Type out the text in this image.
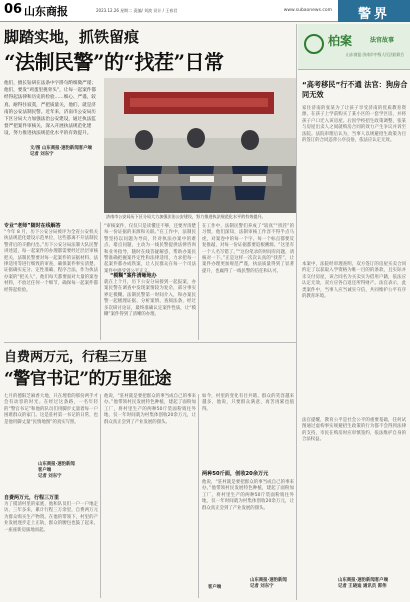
06 山东商报	2023.12.26 星期二 责编/ 刘波 设计 / 王春君	www.subaonews.com 警界
脚踏实地，抓铁留痕
“法制民警”的“找茬”日常
他们，擅长钻研在法条中字斟句酌细微严谨；他们，要发“鸡蛋里挑骨头”，让每一起案件都经得起法律和历史的检验……细心、严谨、较真、耐得住寂寞，严把质量关，他们，就是济南的公安法制民警。近年来，济南市公安局历下区分局大力加强法治公安建设，通过执法监督严把案件审核关、深入开展执法规范化建设，努力推进执法规范化水平的有效提升。
文/图 山东商报·速豹新闻客户端
记者 刘东宁
济南市公安局历下区分局大力加强法治公安建设，努力推进执法规范化水平的有效提升。
专业“老师”随时在线解答
“今年 8 月，历下公安分局被评为全省公安机关执法规范化建设示范单位，这些都离不开法制民警背后的辛勤付出。”历下公安分局法制大队民警讲述道，每一起案件的办理都需要经过层层审核把关，法制民警要对每一起案件的证据材料、法律适用等进行细致的审查，确保案件事实清楚、证据确实充分、定性准确、程序合法。作为执法办案的“把关人”，他们每天都要面对大量的案卷材料，不放过任何一个细节，确保每一起案件都经得起检验。
“审核案件，仅仅只是读懂还不够，还要弄清楚每一份证据的来源和关联。”在工作中，法制民警坚持以问题为导向，针对执法办案中的难点、堵点问题，主动为一线民警提供法律咨询和业务指导，随时在线答疑解惑，帮助办案民警准确把握案件定性和法律适用，力求把每一起案件都办成铁案，让人民群众在每一个司法案件中感受到公平正义。
“模糊”案件清晰地办
就在上个月，历下公安分局接到一起报案，办案民警在调查中发现案情较为复杂，部分事实界定模糊。法制民警第一时间介入，和办案民警一起梳理证据、分析案情、查阅法条，经过多次研讨论证，最终准确认定案件性质，让“模糊”案件得到了清晰的办理。
在工作中，法制民警们养成了“较真”“找茬”的习惯，他们深知，法制审核工作容不得半点马虎，对案卷中的每一个字、每一个标点都要反复推敲，对每一份证据都要追根溯源。“这里有一个人名写错了。”“这份笔录的时间有问题，请核对一下。”正是这样一次次认真的“找茬”，让案件办理更加规范严谨，执法质量得到了显著提升，也赢得了一线民警的信任和认可。
柏案	法官故事
山东商报·济南市中级人民法院联合
“高考移民”行不通 法官：狗房合同无效
家住济南的张某为了让孩子享受济南的优质教育资源，在孩子上学前购买了某小区的一套学区房，并将孩子户口迁入该房屋。后因学校招生政策调整，张某与房屋出卖人之间就购房合同的效力产生争议并诉至法院。法院审理后认为，当事人以规避招生政策为目的签订的合同违背公序良俗，依法应认定无效。
本案中，法院经审理查明，双方签订的房屋买卖合同约定了以获取入学资格为唯一目的的条款，且实际并未交付房屋，该合同名为买卖实为借用户籍，依法应认定无效，双方应各自返还所得财产。法官表示，此类案件中，当事人应当诚实守信，共同维护公平有序的教育环境。
法官提醒，教育公平是社会公平的重要基础，任何试图通过虚构事实规避招生政策的行为都不会得到法律的支持，市民在购房时应审慎签约，依法维护自身的合法权益。
山东商报·速豹新闻客户端
记者 王晓迪 通讯员 郭伟
自费两万元，行程三万里
“警官书记”的万里征途
七月的德阳芝麻香大地，只在埋着的那份两手才会有动容的时光。在经过这条路，一名年轻的“警官书记”和他的队员们用脚步丈量着每一户困难群众的家门。这是驻村第一书记的日常，也是他用脚丈量“民情地图”的真实写照。
山东商报·速豹新闻
客户端
记者 刘东宁
自费两万元，行程三万里
为了摸清村里的家底，他和队员们一户一户地走访，三年多来，累计行程三万余里，自费两万元为群众购买生产物资。在他的带领下，村里的产业发展逐步走上正轨，群众的腰包也鼓了起来，一座座新房拔地而起。
他说，“驻村就是要把群众的事当成自己的事来办。”他带领村民发展特色种植，建起了面粉加工厂，将村里生产的两种50斤装面粉销往外地，仅一年时间就为村集体创收20余万元，让群众真正尝到了产业发展的甜头。
如今，村里的变化有目共睹，群众的笑容越来越多，他说，只要群众满意，再苦再累也值得。
两种50斤面，创收20余万元
他说，“驻村就是要把群众的事当成自己的事来办。”他带领村民发展特色种植，建起了面粉加工厂，将村里生产的两种50斤装面粉销往外地，仅一年时间就为村集体创收20余万元，让群众真正尝到了产业发展的甜头。
山东商报·速豹新闻
记者 刘东宁
客户端
